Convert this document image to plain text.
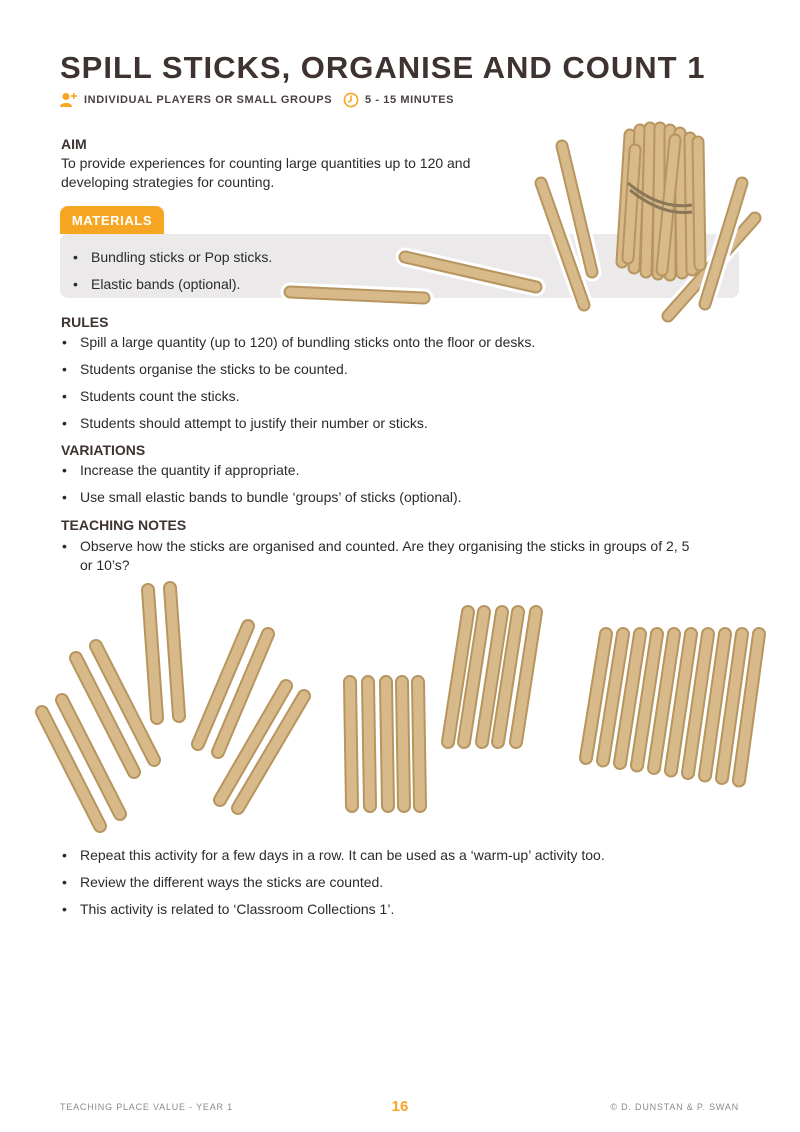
SPILL STICKS, ORGANISE AND COUNT 1
INDIVIDUAL PLAYERS OR SMALL GROUPS	5 - 15 MINUTES
AIM

To provide experiences for counting large quantities up to 120 and

developing strategies for counting.

MATERIALS
• Bundling sticks or Pop sticks.
• Elastic bands (optional).
RULES
• Spill a large quantity (up to 120) of bundling sticks onto the floor or desks.
• Students organise the sticks to be counted.
• Students count the sticks.
• Students should attempt to justify their number or sticks.
VARIATIONS
• Increase the quantity if appropriate.
• Use small elastic bands to bundle ‘groups’ of sticks (optional).
TEACHING NOTES
• Observe how the sticks are organised and counted. Are they organising the sticks in groups of 2, 5
or 10’s?
• Repeat this activity for a few days in a row. It can be used as a ‘warm-up’ activity too.
• Review the different ways the sticks are counted.
• This activity is related to ‘Classroom Collections 1’.
TEACHING PLACE VALUE - YEAR 1	16	© D. DUNSTAN & P. SWAN
